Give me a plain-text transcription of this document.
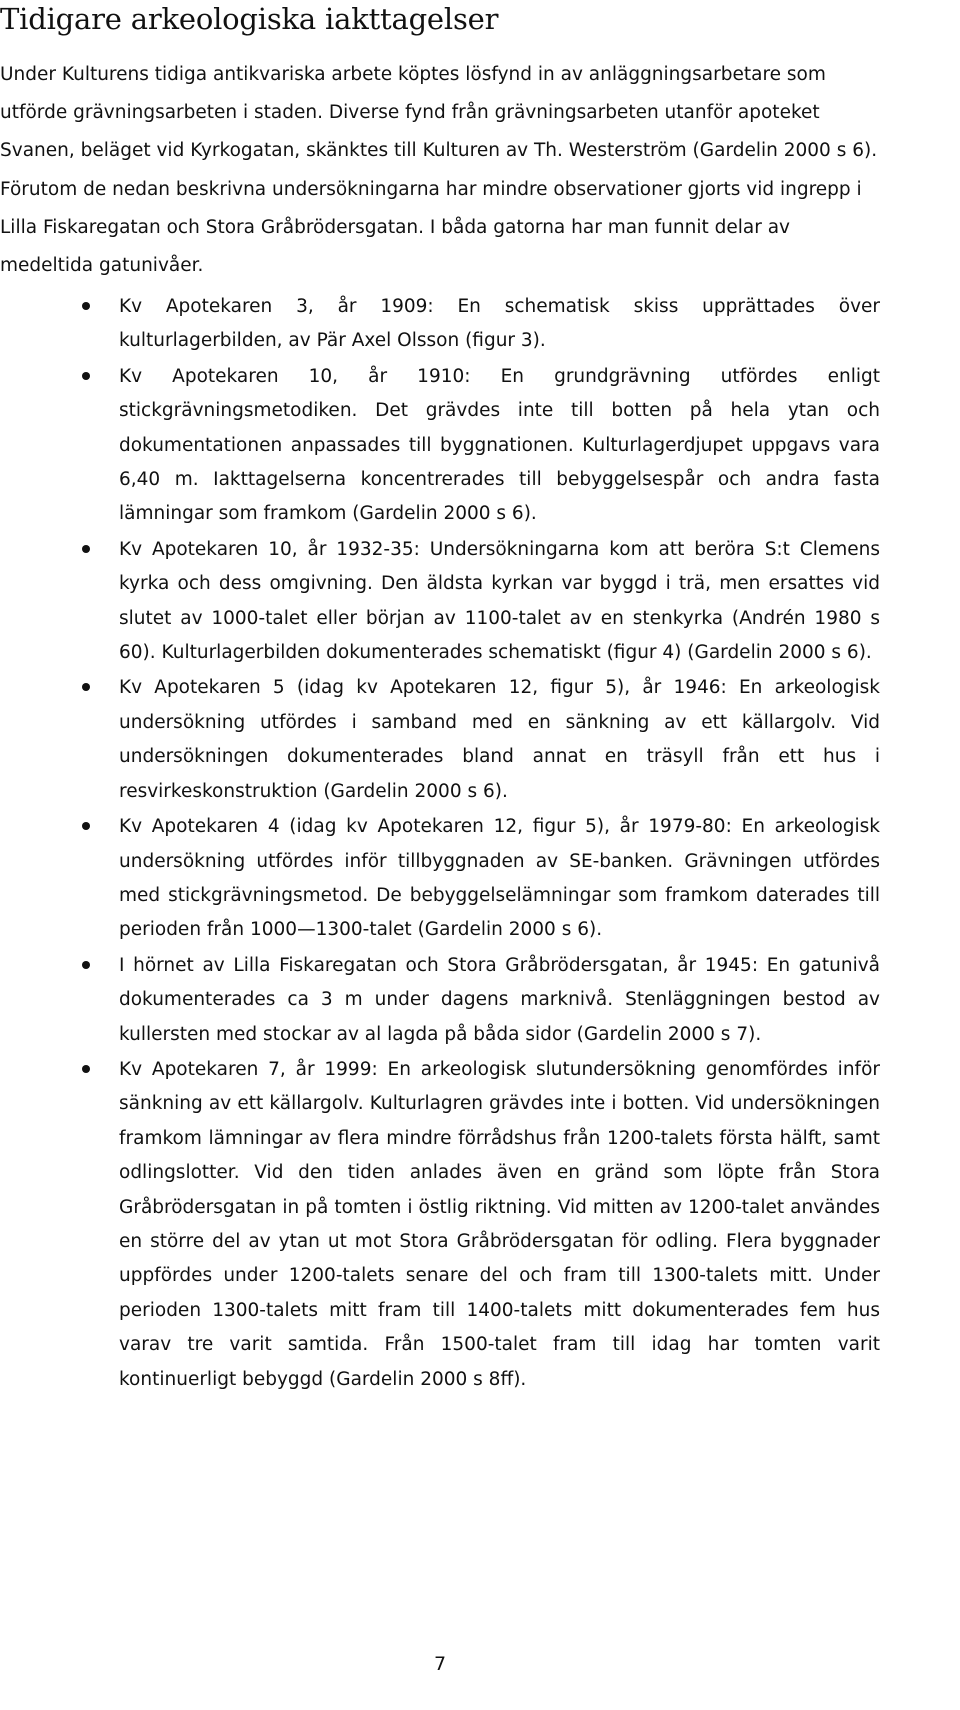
Tidigare arkeologiska iakttagelser

Under Kulturens tidiga antikvariska arbete köptes lösfynd in av anläggningsarbetare som utförde grävningsarbeten i staden. Diverse fynd från grävningsarbeten utanför apoteket Svanen, beläget vid Kyrkogatan, skänktes till Kulturen av Th. Westerström (Gardelin 2000 s 6). Förutom de nedan beskrivna undersökningarna har mindre observationer gjorts vid ingrepp i Lilla Fiskaregatan och Stora Gråbrödersgatan. I båda gatorna har man funnit delar av medeltida gatunivåer.

Kv Apotekaren 3, år 1909: En schematisk skiss upprättades över kulturlagerbilden, av Pär Axel Olsson (figur 3).
Kv Apotekaren 10, år 1910: En grundgrävning utfördes enligt stickgrävningsmetodiken. Det grävdes inte till botten på hela ytan och dokumentationen anpassades till byggnationen. Kulturlagerdjupet uppgavs vara 6,40 m. Iakttagelserna koncentrerades till bebyggelsespår och andra fasta lämningar som framkom (Gardelin 2000 s 6).
Kv Apotekaren 10, år 1932-35: Undersökningarna kom att beröra S:t Clemens kyrka och dess omgivning. Den äldsta kyrkan var byggd i trä, men ersattes vid slutet av 1000-talet eller början av 1100-talet av en stenkyrka (Andrén 1980 s 60). Kulturlagerbilden dokumenterades schematiskt (figur 4) (Gardelin 2000 s 6).
Kv Apotekaren 5 (idag kv Apotekaren 12, figur 5), år 1946: En arkeologisk undersökning utfördes i samband med en sänkning av ett källargolv. Vid undersökningen dokumenterades bland annat en träsyll från ett hus i resvirkeskonstruktion (Gardelin 2000 s 6).
Kv Apotekaren 4 (idag kv Apotekaren 12, figur 5), år 1979-80: En arkeologisk undersökning utfördes inför tillbyggnaden av SE-banken. Grävningen utfördes med stickgrävningsmetod. De bebyggelselämningar som framkom daterades till perioden från 1000—1300-talet (Gardelin 2000 s 6).
I hörnet av Lilla Fiskaregatan och Stora Gråbrödersgatan, år 1945: En gatunivå dokumenterades ca 3 m under dagens marknivå. Stenläggningen bestod av kullersten med stockar av al lagda på båda sidor (Gardelin 2000 s 7).
Kv Apotekaren 7, år 1999: En arkeologisk slutundersökning genomfördes inför sänkning av ett källargolv. Kulturlagren grävdes inte i botten. Vid undersökningen framkom lämningar av flera mindre förrådshus från 1200-talets första hälft, samt odlingslotter. Vid den tiden anlades även en gränd som löpte från Stora Gråbrödersgatan in på tomten i östlig riktning. Vid mitten av 1200-talet användes en större del av ytan ut mot Stora Gråbrödersgatan för odling. Flera byggnader uppfördes under 1200-talets senare del och fram till 1300-talets mitt. Under perioden 1300-talets mitt fram till 1400-talets mitt dokumenterades fem hus varav tre varit samtida. Från 1500-talet fram till idag har tomten varit kontinuerligt bebyggd (Gardelin 2000 s 8ff).
7
